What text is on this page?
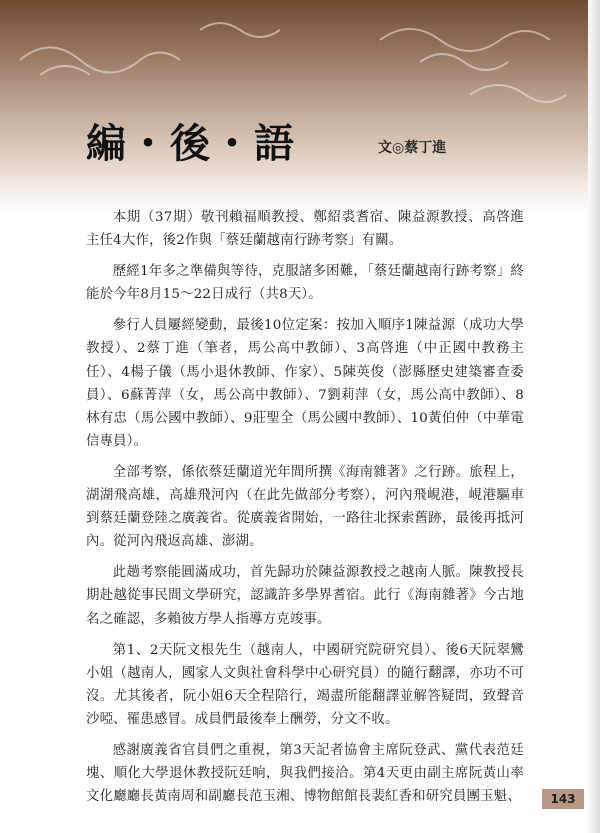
編・後・語	文◎蔡丁進

本期（37期）敬刊賴福順教授、鄭紹裘耆宿、陳益源教授、高啓進主任4大作，後2作與「蔡廷蘭越南行跡考察」有關。

歷經1年多之準備與等待，克服諸多困難，「蔡廷蘭越南行跡考察」終能於今年8月15～22日成行（共8天）。

參行人員屢經變動，最後10位定案：按加入順序1陳益源（成功大學教授）、2蔡丁進（筆者，馬公高中教師）、3高啓進（中正國中教務主任）、4楊子儀（馬小退休教師、作家）、5陳英俊（澎縣歷史建築審查委員）、6蘇菁萍（女，馬公高中教師）、7劉莉萍（女，馬公高中教師）、8林有忠（馬公國中教師）、9莊聖全（馬公國中教師）、10黃伯仲（中華電信專員）。

全部考察，係依蔡廷蘭道光年間所撰《海南雜著》之行跡。旅程上，湖湖飛高雄，高雄飛河內（在此先做部分考察），河內飛峴港，峴港驅車到蔡廷蘭登陸之廣義省。從廣義省開始，一路往北探索舊跡，最後再抵河內。從河內飛返高雄、澎湖。

此趟考察能圓滿成功，首先歸功於陳益源教授之越南人脈。陳教授長期赴越從事民間文學研究，認識許多學界耆宿。此行《海南雜著》今古地名之確認，多賴彼方學人指導方克竣事。

第1、2天阮文根先生（越南人，中國研究院研究員）、後6天阮翠鸞小姐（越南人，國家人文與社會科學中心研究員）的隨行翻譯，亦功不可沒。尤其後者，阮小姐6天全程陪行，竭盡所能翻譯並解答疑問，致聲音沙啞、罹患感冒。成員們最後奉上酬勞，分文不收。

感謝廣義省官員們之重視，第3天記者協會主席阮登武、黨代表范廷塊、順化大學退休教授阮廷响，與我們接洽。第4天更由副主席阮黃山率文化廳廳長黃南周和副廳長范玉湘、博物館館長裴紅香和研究員團玉魁、	143
